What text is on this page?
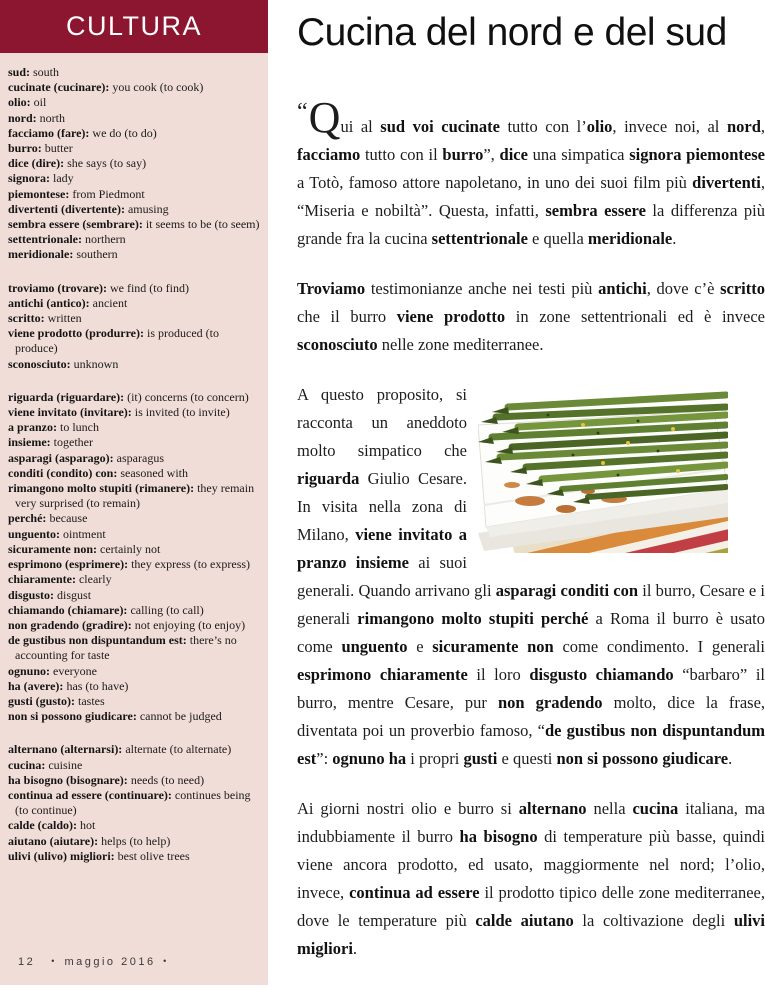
CULTURA
sud: south
cucinate (cucinare): you cook (to cook)
olio: oil
nord: north
facciamo (fare): we do (to do)
burro: butter
dice (dire): she says (to say)
signora: lady
piemontese: from Piedmont
divertenti (divertente): amusing
sembra essere (sembrare): it seems to be (to seem)
settentrionale: northern
meridionale: southern
troviamo (trovare): we find (to find)
antichi (antico): ancient
scritto: written
viene prodotto (produrre): is produced (to produce)
sconosciuto: unknown
riguarda (riguardare): (it) concerns (to concern)
viene invitato (invitare): is invited (to invite)
a pranzo: to lunch
insieme: together
asparagi (asparago): asparagus
conditi (condito) con: seasoned with
rimangono molto stupiti (rimanere): they remain very surprised (to remain)
perché: because
unguento: ointment
sicuramente non: certainly not
esprimono (esprimere): they express (to express)
chiaramente: clearly
disgusto: disgust
chiamando (chiamare): calling (to call)
non gradendo (gradire): not enjoying (to enjoy)
de gustibus non dispuntandum est: there’s no accounting for taste
ognuno: everyone
ha (avere): has (to have)
gusti (gusto): tastes
non si possono giudicare: cannot be judged
alternano (alternarsi): alternate (to alternate)
cucina: cuisine
ha bisogno (bisognare): needs (to need)
continua ad essere (continuare): continues being (to continue)
calde (caldo): hot
aiutano (aiutare): helps (to help)
ulivi (ulivo) migliori: best olive trees
12 • maggio 2016 •
Cucina del nord e del sud
“Qui al sud voi cucinate tutto con l’olio, invece noi, al nord, facciamo tutto con il burro”, dice una simpatica signora piemontese a Totò, famoso attore napoletano, in uno dei suoi film più divertenti, “Miseria e nobiltà”. Questa, infatti, sembra essere la differenza più grande fra la cucina settentrionale e quella meridionale.
Troviamo testimonianze anche nei testi più antichi, dove c’è scritto che il burro viene prodotto in zone settentrionali ed è invece sconosciuto nelle zone mediterranee.
A questo proposito, si racconta un aneddoto molto simpatico che riguarda Giulio Cesare. In visita nella zona di Milano, viene invitato a pranzo insieme ai suoi generali. Quando arrivano gli asparagi conditi con il burro, Cesare e i generali rimangono molto stupiti perché a Roma il burro è usato come unguento e sicuramente non come condimento. I generali esprimono chiaramente il loro disgusto chiamando “barbaro” il burro, mentre Cesare, pur non gradendo molto, dice la frase, diventata poi un proverbio famoso, “de gustibus non dispuntandum est”: ognuno ha i propri gusti e questi non si possono giudicare.
Ai giorni nostri olio e burro si alternano nella cucina italiana, ma indubbiamente il burro ha bisogno di temperature più basse, quindi viene ancora prodotto, ed usato, maggiormente nel nord; l’olio, invece, continua ad essere il prodotto tipico delle zone mediterranee, dove le temperature più calde aiutano la coltivazione degli ulivi migliori.
